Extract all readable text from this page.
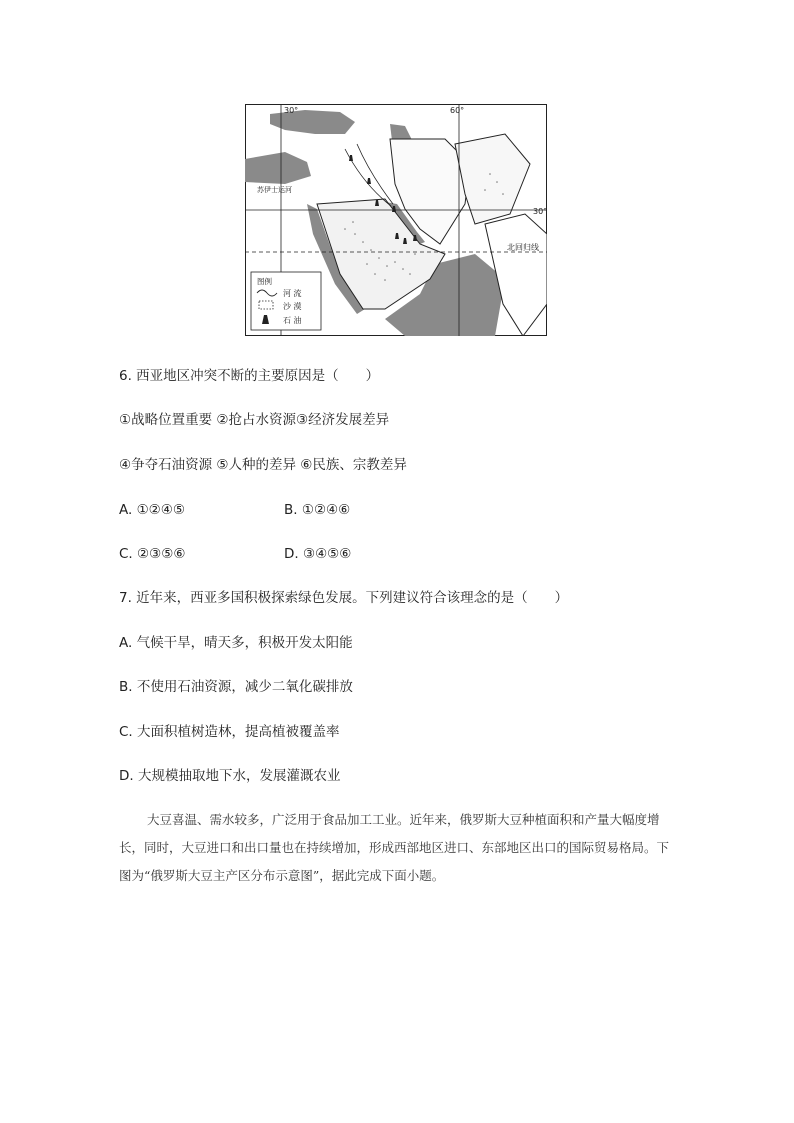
30°	60°
30°
北回归线
苏伊士运河
图例
河 流
沙 漠
石 油
6. 西亚地区冲突不断的主要原因是（　　）
①战略位置重要 ②抢占水资源③经济发展差异
④争夺石油资源 ⑤人种的差异 ⑥民族、宗教差异
A. ①②④⑤	B. ①②④⑥
C. ②③⑤⑥	D. ③④⑤⑥
7. 近年来，西亚多国积极探索绿色发展。下列建议符合该理念的是（　　）
A. 气候干旱，晴天多，积极开发太阳能
B. 不使用石油资源，减少二氧化碳排放
C. 大面积植树造林，提高植被覆盖率
D. 大规模抽取地下水，发展灌溉农业
大豆喜温、需水较多，广泛用于食品加工工业。近年来，俄罗斯大豆种植面积和产量大幅度增长，同时，大豆进口和出口量也在持续增加，形成西部地区进口、东部地区出口的国际贸易格局。下图为“俄罗斯大豆主产区分布示意图”，据此完成下面小题。
